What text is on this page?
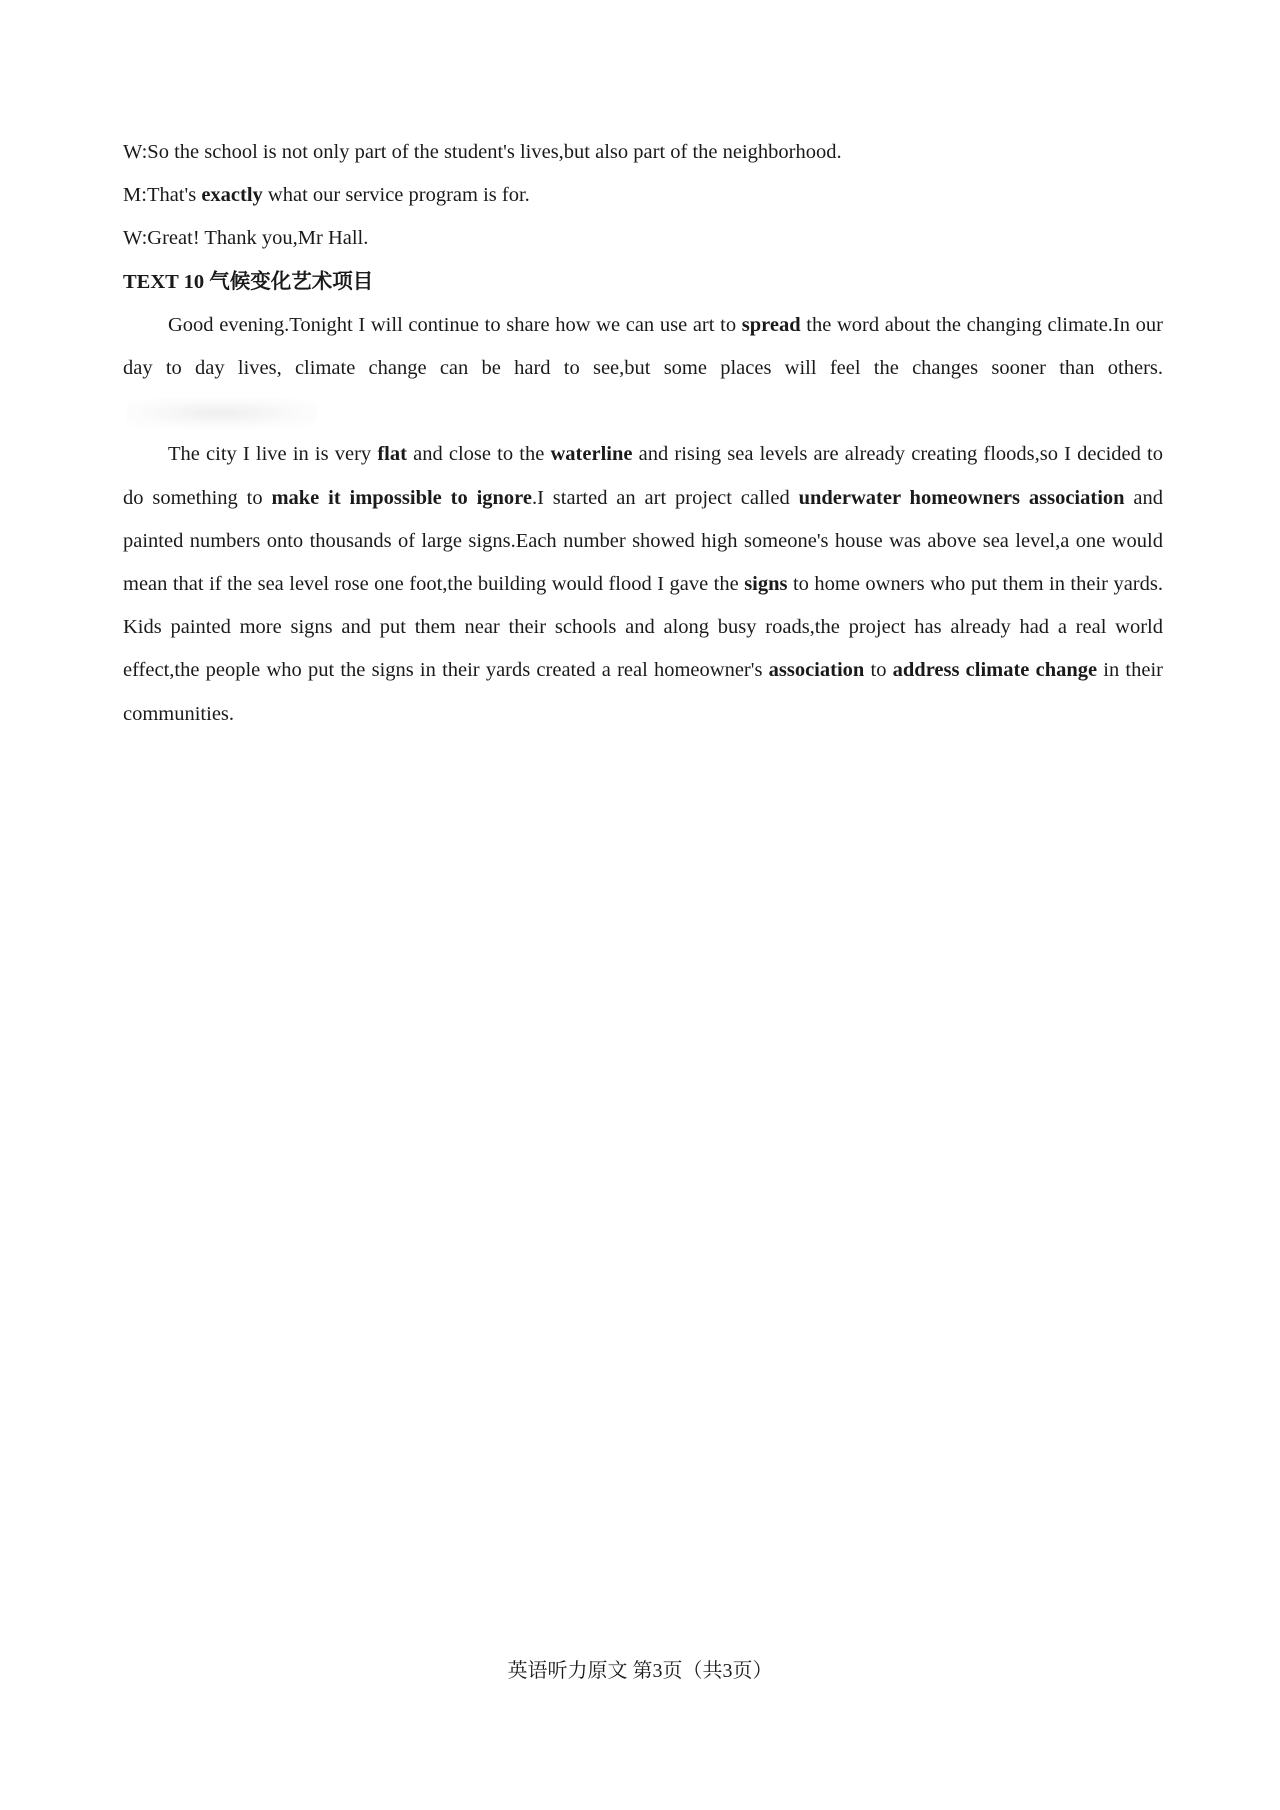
W:So the school is not only part of the student's lives,but also part of the neighborhood.

M:That's exactly what our service program is for.

W:Great! Thank you,Mr Hall.

TEXT 10 气候变化艺术项目

Good evening.Tonight I will continue to share how we can use art to spread the word about the changing climate.In our day to day lives, climate change can be hard to see,but some places will feel the changes sooner than others.

The city I live in is very flat and close to the waterline and rising sea levels are already creating floods,so I decided to do something to make it impossible to ignore.I started an art project called underwater homeowners association and painted numbers onto thousands of large signs.Each number showed high someone's house was above sea level,a one would mean that if the sea level rose one foot,the building would flood I gave the signs to home owners who put them in their yards. Kids painted more signs and put them near their schools and along busy roads,the project has already had a real world effect,the people who put the signs in their yards created a real homeowner's association to address climate change in their communities.

英语听力原文 第3页（共3页）
